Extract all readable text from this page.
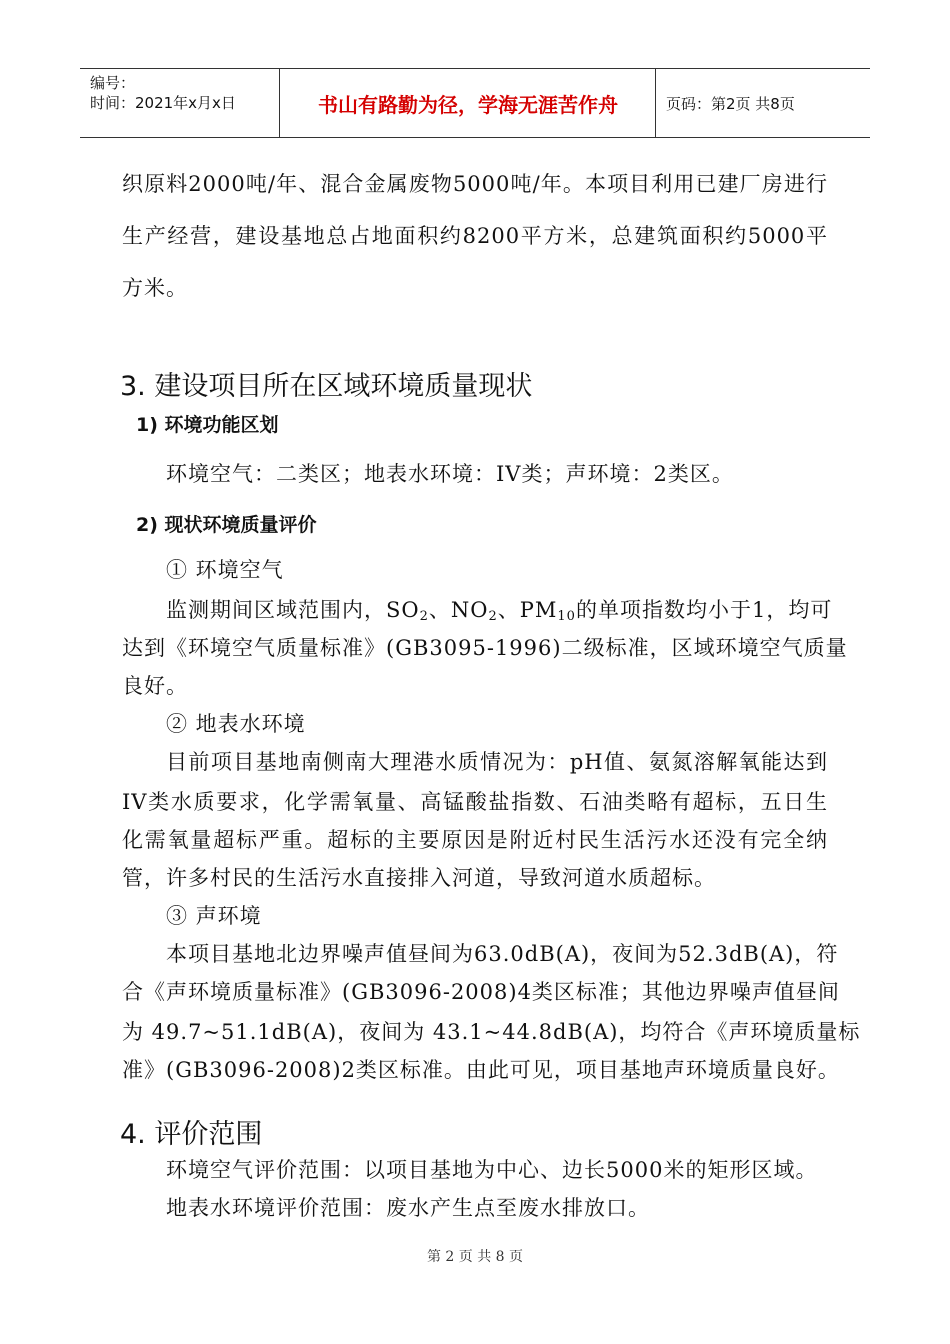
编号：
时间：2021年x月x日	书山有路勤为径，学海无涯苦作舟	页码：第2页 共8页
织原料2000吨/年、混合金属废物5000吨/年。本项目利用已建厂房进行
生产经营，建设基地总占地面积约8200平方米，总建筑面积约5000平
方米。
3. 建设项目所在区域环境质量现状
1) 环境功能区划
环境空气：二类区；地表水环境：IV类；声环境：2类区。
2) 现状环境质量评价
① 环境空气
监测期间区域范围内，$SO_2$、$NO_2$、$PM_{10}$的单项指数均小于1，均可
达到《环境空气质量标准》(GB3095-1996)二级标准，区域环境空气质量
良好。
② 地表水环境
目前项目基地南侧南大理港水质情况为：pH值、氨氮溶解氧能达到
IV类水质要求，化学需氧量、高锰酸盐指数、石油类略有超标，五日生
化需氧量超标严重。超标的主要原因是附近村民生活污水还没有完全纳
管，许多村民的生活污水直接排入河道，导致河道水质超标。
③ 声环境
本项目基地北边界噪声值昼间为63.0dB(A)，夜间为52.3dB(A)，符
合《声环境质量标准》(GB3096-2008)4类区标准；其他边界噪声值昼间
为 49.7~51.1dB(A)，夜间为 43.1~44.8dB(A)，均符合《声环境质量标
准》(GB3096-2008)2类区标准。由此可见，项目基地声环境质量良好。
4. 评价范围
环境空气评价范围：以项目基地为中心、边长5000米的矩形区域。
地表水环境评价范围：废水产生点至废水排放口。
第 2 页 共 8 页
